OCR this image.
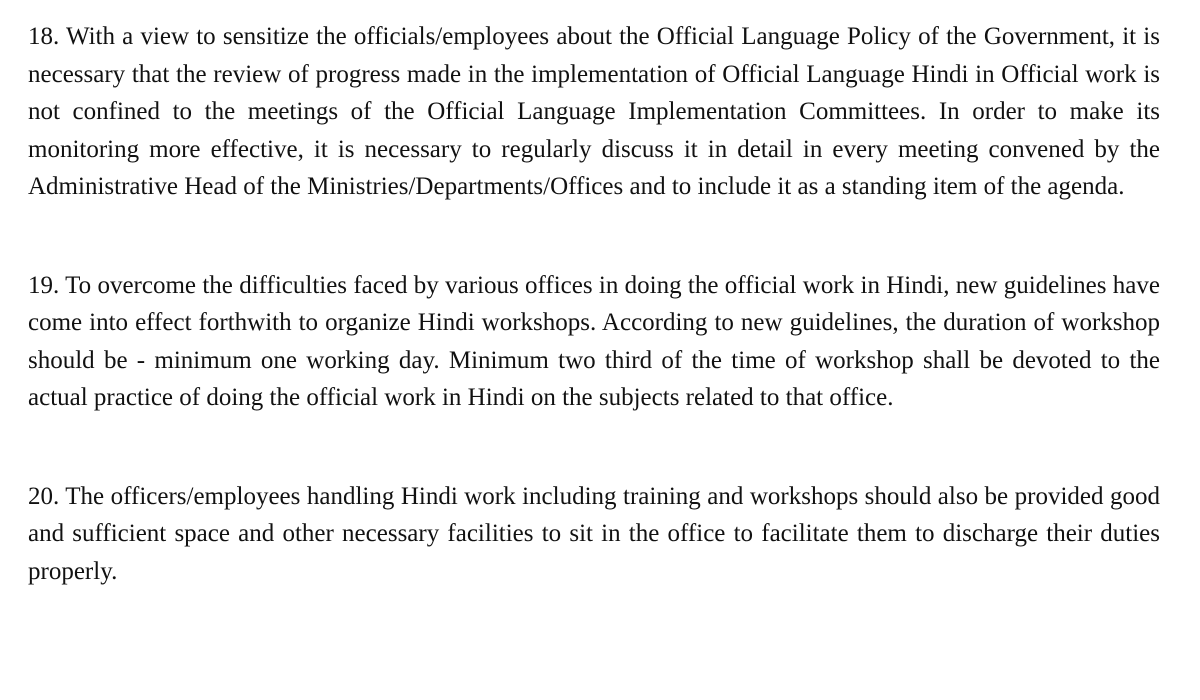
18. With a view to sensitize the officials/employees about the Official Language Policy of the Government, it is necessary that the review of progress made in the implementation of Official Language Hindi in Official work is not confined to the meetings of the Official Language Implementation Committees. In order to make its monitoring more effective, it is necessary to regularly discuss it in detail in every meeting convened by the Administrative Head of the Ministries/Departments/Offices and to include it as a standing item of the agenda.

19. To overcome the difficulties faced by various offices in doing the official work in Hindi, new guidelines have come into effect forthwith to organize Hindi workshops. According to new guidelines, the duration of workshop should be - minimum one working day. Minimum two third of the time of workshop shall be devoted to the actual practice of doing the official work in Hindi on the subjects related to that office.

20. The officers/employees handling Hindi work including training and workshops should also be provided good and sufficient space and other necessary facilities to sit in the office to facilitate them to discharge their duties properly.
